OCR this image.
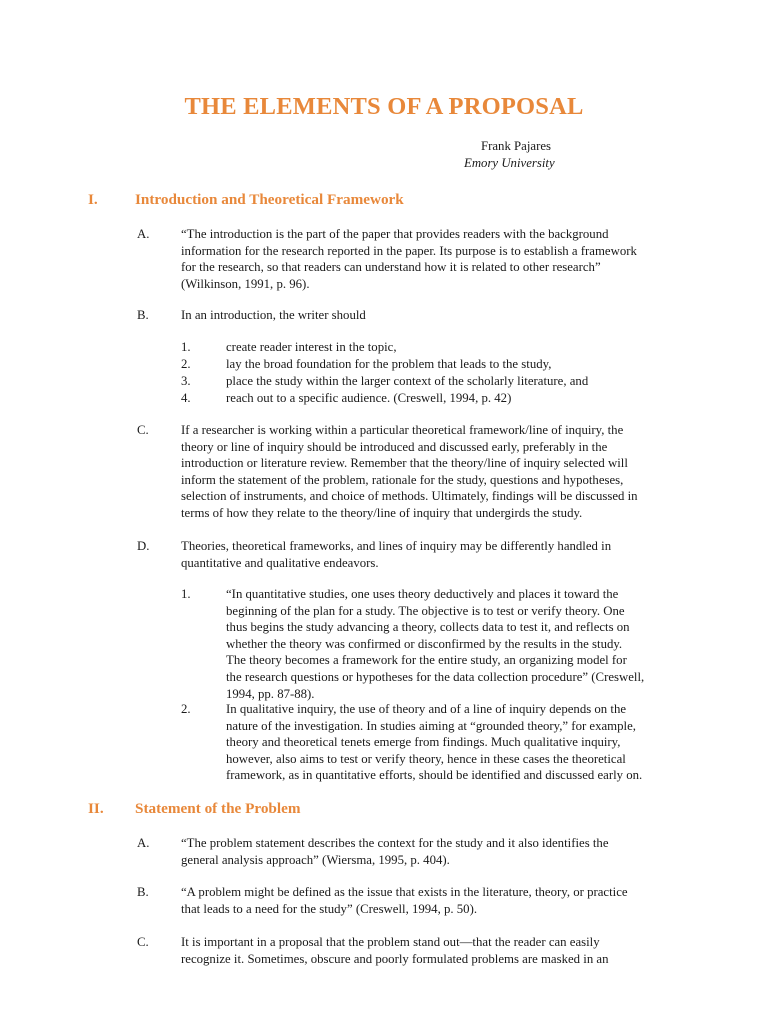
THE ELEMENTS OF A PROPOSAL
Frank Pajares
Emory University
I. Introduction and Theoretical Framework
A. “The introduction is the part of the paper that provides readers with the background
information for the research reported in the paper. Its purpose is to establish a framework
for the research, so that readers can understand how it is related to other research”
(Wilkinson, 1991, p. 96).
B.	In an introduction, the writer should
1.	create reader interest in the topic,
2.	lay the broad foundation for the problem that leads to the study,
3.	place the study within the larger context of the scholarly literature, and
4.	reach out to a specific audience. (Creswell, 1994, p. 42)
C.	If a researcher is working within a particular theoretical framework/line of inquiry, the
theory or line of inquiry should be introduced and discussed early, preferably in the
introduction or literature review. Remember that the theory/line of inquiry selected will
inform the statement of the problem, rationale for the study, questions and hypotheses,
selection of instruments, and choice of methods. Ultimately, findings will be discussed in
terms of how they relate to the theory/line of inquiry that undergirds the study.
D. Theories, theoretical frameworks, and lines of inquiry may be differently handled in
quantitative and qualitative endeavors.
1.	“In quantitative studies, one uses theory deductively and places it toward the
beginning of the plan for a study. The objective is to test or verify theory. One
thus begins the study advancing a theory, collects data to test it, and reflects on
whether the theory was confirmed or disconfirmed by the results in the study.
The theory becomes a framework for the entire study, an organizing model for
the research questions or hypotheses for the data collection procedure” (Creswell,
1994, pp. 87-88).
2.	In qualitative inquiry, the use of theory and of a line of inquiry depends on the
nature of the investigation. In studies aiming at “grounded theory,” for example,
theory and theoretical tenets emerge from findings. Much qualitative inquiry,
however, also aims to test or verify theory, hence in these cases the theoretical
framework, as in quantitative efforts, should be identified and discussed early on.
II. Statement of the Problem
A. “The problem statement describes the context for the study and it also identifies the
general analysis approach” (Wiersma, 1995, p. 404).
B.	“A problem might be defined as the issue that exists in the literature, theory, or practice
that leads to a need for the study” (Creswell, 1994, p. 50).
C.	It is important in a proposal that the problem stand out—that the reader can easily
recognize it. Sometimes, obscure and poorly formulated problems are masked in an
